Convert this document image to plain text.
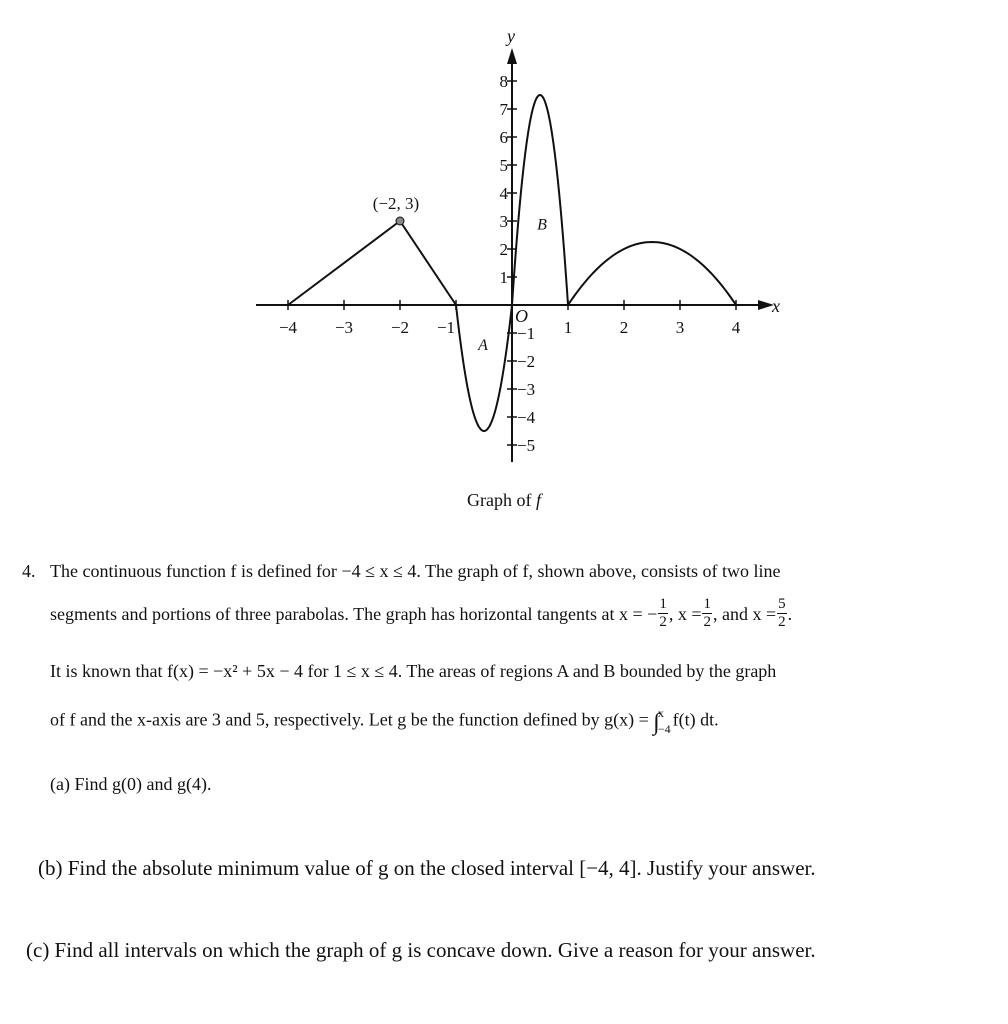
x
y
O
−4 −3 −2 −1	1	2	3	4
8
7
6
5
4
3
2
1
−1
−2
−3
−4
−5
(−2, 3)
A
B
Graph of f
4. The continuous function f is defined for −4 ≤ x ≤ 4. The graph of f, shown above, consists of two line
segments and portions of three parabolas. The graph has horizontal tangents at x = − $\frac{1}{2}$ , $x = \frac{1}{2}$ , and $x = \frac{5}{2}$ .
It is known that f(x) = −x² + 5x − 4 for 1 ≤ x ≤ 4. The areas of regions A and B bounded by the graph
of f and the x-axis are 3 and 5, respectively. Let g be the function defined by g(x) = ∫
x
−4 f(t) dt.
(a) Find g(0) and g(4).
(b) Find the absolute minimum value of g on the closed interval [−4, 4]. Justify your answer.
(c) Find all intervals on which the graph of g is concave down. Give a reason for your answer.
